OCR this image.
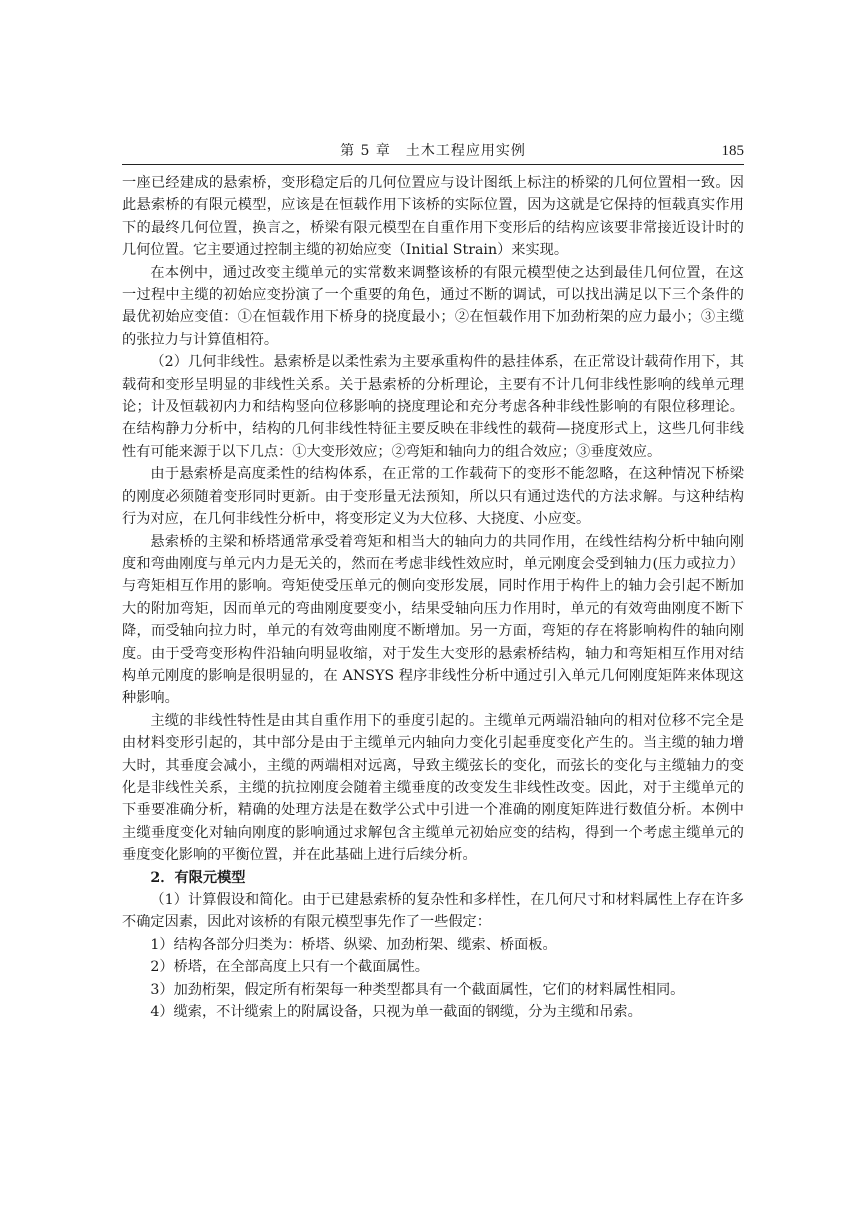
第 5 章　土木工程应用实例	185

一座已经建成的悬索桥，变形稳定后的几何位置应与设计图纸上标注的桥梁的几何位置相一致。因此悬索桥的有限元模型，应该是在恒载作用下该桥的实际位置，因为这就是它保持的恒载真实作用下的最终几何位置，换言之，桥梁有限元模型在自重作用下变形后的结构应该要非常接近设计时的几何位置。它主要通过控制主缆的初始应变（Initial Strain）来实现。

在本例中，通过改变主缆单元的实常数来调整该桥的有限元模型使之达到最佳几何位置，在这一过程中主缆的初始应变扮演了一个重要的角色，通过不断的调试，可以找出满足以下三个条件的最优初始应变值：①在恒载作用下桥身的挠度最小；②在恒载作用下加劲桁架的应力最小；③主缆的张拉力与计算值相符。

（2）几何非线性。悬索桥是以柔性索为主要承重构件的悬挂体系，在正常设计载荷作用下，其载荷和变形呈明显的非线性关系。关于悬索桥的分析理论，主要有不计几何非线性影响的线单元理论；计及恒载初内力和结构竖向位移影响的挠度理论和充分考虑各种非线性影响的有限位移理论。在结构静力分析中，结构的几何非线性特征主要反映在非线性的载荷—挠度形式上，这些几何非线性有可能来源于以下几点：①大变形效应；②弯矩和轴向力的组合效应；③垂度效应。

由于悬索桥是高度柔性的结构体系，在正常的工作载荷下的变形不能忽略，在这种情况下桥梁的刚度必须随着变形同时更新。由于变形量无法预知，所以只有通过迭代的方法求解。与这种结构行为对应，在几何非线性分析中，将变形定义为大位移、大挠度、小应变。

悬索桥的主梁和桥塔通常承受着弯矩和相当大的轴向力的共同作用，在线性结构分析中轴向刚度和弯曲刚度与单元内力是无关的，然而在考虑非线性效应时，单元刚度会受到轴力(压力或拉力）与弯矩相互作用的影响。弯矩使受压单元的侧向变形发展，同时作用于构件上的轴力会引起不断加大的附加弯矩，因而单元的弯曲刚度要变小，结果受轴向压力作用时，单元的有效弯曲刚度不断下降，而受轴向拉力时，单元的有效弯曲刚度不断增加。另一方面，弯矩的存在将影响构件的轴向刚度。由于受弯变形构件沿轴向明显收缩，对于发生大变形的悬索桥结构，轴力和弯矩相互作用对结构单元刚度的影响是很明显的，在 ANSYS 程序非线性分析中通过引入单元几何刚度矩阵来体现这种影响。

主缆的非线性特性是由其自重作用下的垂度引起的。主缆单元两端沿轴向的相对位移不完全是由材料变形引起的，其中部分是由于主缆单元内轴向力变化引起垂度变化产生的。当主缆的轴力增大时，其垂度会减小，主缆的两端相对远离，导致主缆弦长的变化，而弦长的变化与主缆轴力的变化是非线性关系，主缆的抗拉刚度会随着主缆垂度的改变发生非线性改变。因此，对于主缆单元的下垂要准确分析，精确的处理方法是在数学公式中引进一个准确的刚度矩阵进行数值分析。本例中主缆垂度变化对轴向刚度的影响通过求解包含主缆单元初始应变的结构，得到一个考虑主缆单元的垂度变化影响的平衡位置，并在此基础上进行后续分析。

2．有限元模型

（1）计算假设和简化。由于已建悬索桥的复杂性和多样性，在几何尺寸和材料属性上存在许多不确定因素，因此对该桥的有限元模型事先作了一些假定：

1）结构各部分归类为：桥塔、纵梁、加劲桁架、缆索、桥面板。

2）桥塔，在全部高度上只有一个截面属性。

3）加劲桁架，假定所有桁架每一种类型都具有一个截面属性，它们的材料属性相同。

4）缆索，不计缆索上的附属设备，只视为单一截面的钢缆，分为主缆和吊索。
